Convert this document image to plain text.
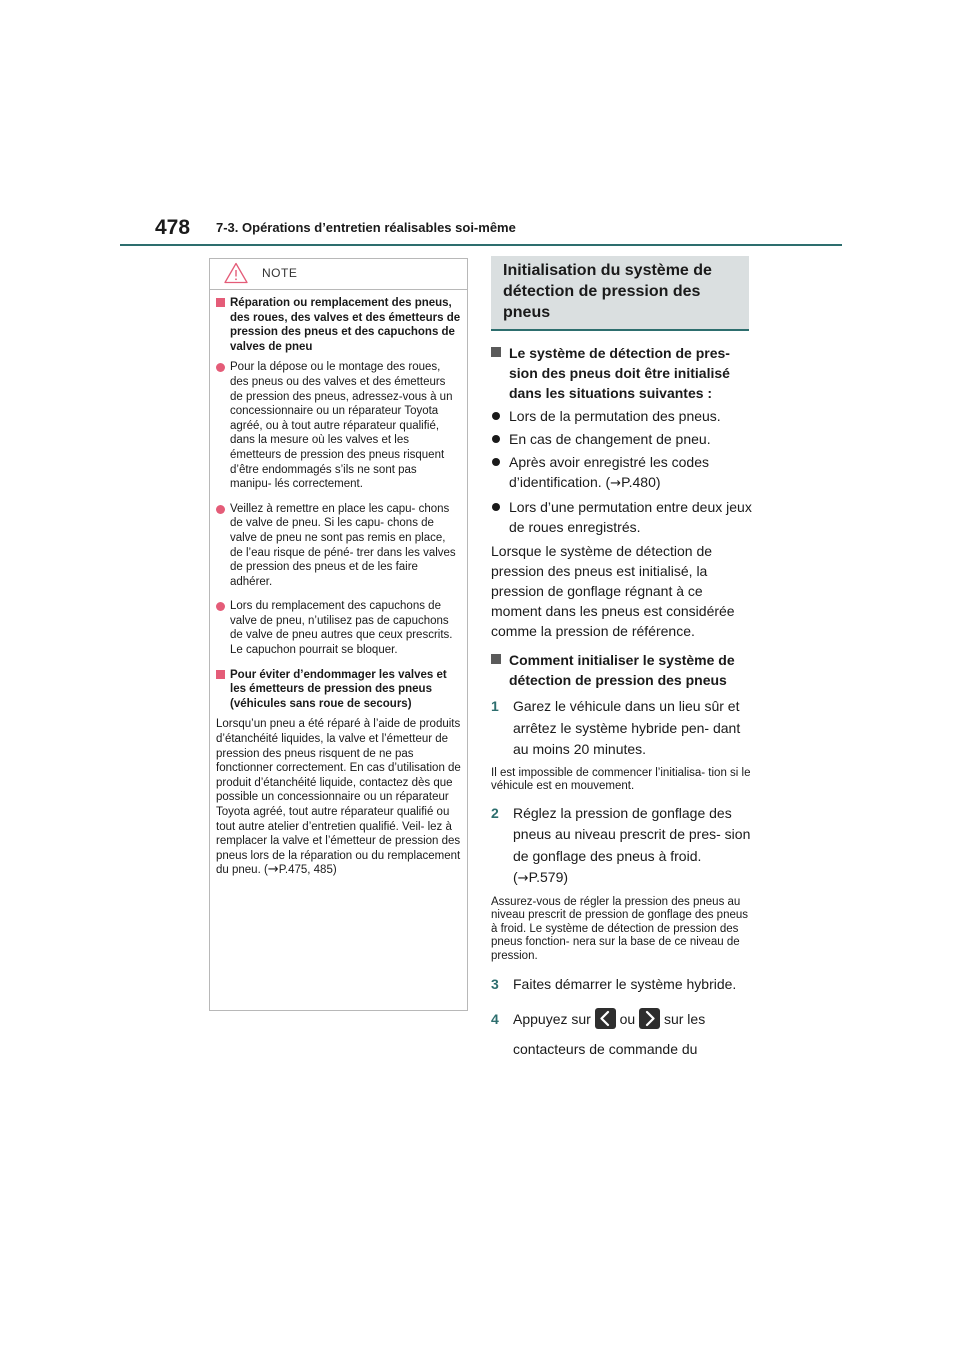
478 7-3. Opérations d’entretien réalisables soi-même
NOTE
Réparation ou remplacement des pneus, des roues, des valves et des émetteurs de pression des pneus et des capuchons de valves de pneu
Pour la dépose ou le montage des roues, des pneus ou des valves et des émetteurs de pression des pneus, adressez-vous à un concessionnaire ou un réparateur Toyota agréé, ou à tout autre réparateur qualifié, dans la mesure où les valves et les émetteurs de pression des pneus risquent d’être endommagés s’ils ne sont pas manipu- lés correctement.
Veillez à remettre en place les capu- chons de valve de pneu. Si les capu- chons de valve de pneu ne sont pas remis en place, de l’eau risque de péné- trer dans les valves de pression des pneus et de les faire adhérer.
Lors du remplacement des capuchons de valve de pneu, n’utilisez pas de capuchons de valve de pneu autres que ceux prescrits.
Le capuchon pourrait se bloquer.
Pour éviter d’endommager les valves et les émetteurs de pression des pneus (véhicules sans roue de secours)
Lorsqu’un pneu a été réparé à l’aide de produits d’étanchéité liquides, la valve et l’émetteur de pression des pneus risquent de ne pas fonctionner correctement. En cas d’utilisation de produit d’étanchéité liquide, contactez dès que possible un concessionnaire ou un réparateur Toyota agréé, tout autre réparateur qualifié ou tout autre atelier d’entretien qualifié. Veil- lez à remplacer la valve et l’émetteur de pression des pneus lors de la réparation ou du remplacement du pneu. (→P.475, 485)
Initialisation du système de détection de pression des pneus
Le système de détection de pres- sion des pneus doit être initialisé dans les situations suivantes :
Lors de la permutation des pneus.
En cas de changement de pneu.
Après avoir enregistré les codes d’identification. (→P.480)
Lors d’une permutation entre deux jeux de roues enregistrés.
Lorsque le système de détection de pression des pneus est initialisé, la pression de gonflage régnant à ce moment dans les pneus est considérée comme la pression de référence.
Comment initialiser le système de détection de pression des pneus
1 Garez le véhicule dans un lieu sûr et arrêtez le système hybride pen- dant au moins 20 minutes.
Il est impossible de commencer l’initialisa- tion si le véhicule est en mouvement.
2 Réglez la pression de gonflage des pneus au niveau prescrit de pres- sion de gonflage des pneus à froid.
(→P.579)
Assurez-vous de régler la pression des pneus au niveau prescrit de pression de gonflage des pneus à froid. Le système de détection de pression des pneus fonction- nera sur la base de ce niveau de pression.
3 Faites démarrer le système hybride.
4 Appuyez sur ou sur les
contacteurs de commande du
